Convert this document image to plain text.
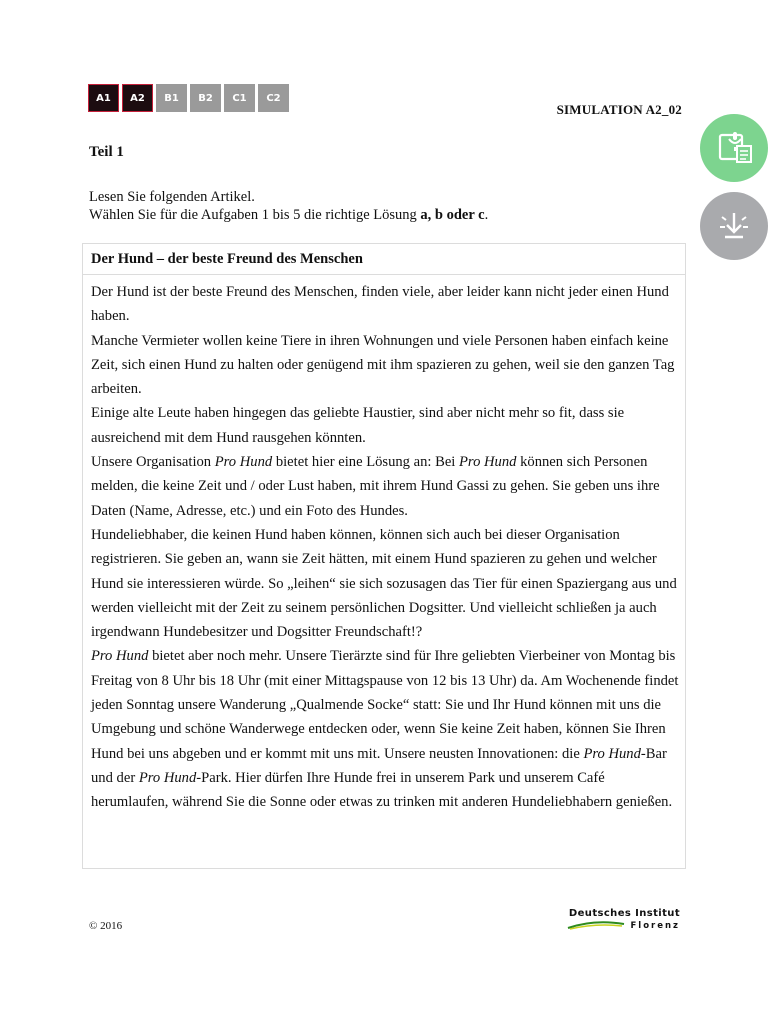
A1	A2	B1	B2	C1	C2
SIMULATION A2_02
Teil 1
Lesen Sie folgenden Artikel.
Wählen Sie für die Aufgaben 1 bis 5 die richtige Lösung a, b oder c.
Der Hund – der beste Freund des Menschen

Der Hund ist der beste Freund des Menschen, finden viele, aber leider kann nicht jeder einen Hund haben.

Manche Vermieter wollen keine Tiere in ihren Wohnungen und viele Personen haben einfach keine Zeit, sich einen Hund zu halten oder genügend mit ihm spazieren zu gehen, weil sie den ganzen Tag arbeiten.

Einige alte Leute haben hingegen das geliebte Haustier, sind aber nicht mehr so fit, dass sie ausreichend mit dem Hund rausgehen könnten.

Unsere Organisation Pro Hund bietet hier eine Lösung an: Bei Pro Hund können sich Personen melden, die keine Zeit und / oder Lust haben, mit ihrem Hund Gassi zu gehen. Sie geben uns ihre Daten (Name, Adresse, etc.) und ein Foto des Hundes.

Hundeliebhaber, die keinen Hund haben können, können sich auch bei dieser Organisation registrieren. Sie geben an, wann sie Zeit hätten, mit einem Hund spazieren zu gehen und welcher Hund sie interessieren würde. So „leihen“ sie sich sozusagen das Tier für einen Spaziergang aus und werden vielleicht mit der Zeit zu seinem persönlichen Dogsitter. Und vielleicht schließen ja auch irgendwann Hundebesitzer und Dogsitter Freundschaft!?

Pro Hund bietet aber noch mehr. Unsere Tierärzte sind für Ihre geliebten Vierbeiner von Montag bis Freitag von 8 Uhr bis 18 Uhr (mit einer Mittagspause von 12 bis 13 Uhr) da. Am Wochenende findet jeden Sonntag unsere Wanderung „Qualmende Socke“ statt: Sie und Ihr Hund können mit uns die Umgebung und schöne Wanderwege entdecken oder, wenn Sie keine Zeit haben, können Sie Ihren Hund bei uns abgeben und er kommt mit uns mit. Unsere neusten Innovationen: die Pro Hund-Bar und der Pro Hund-Park. Hier dürfen Ihre Hunde frei in unserem Park und unserem Café herumlaufen, während Sie die Sonne oder etwas zu trinken mit anderen Hundeliebhabern genießen.

© 2016
Deutsches Institut
Florenz
